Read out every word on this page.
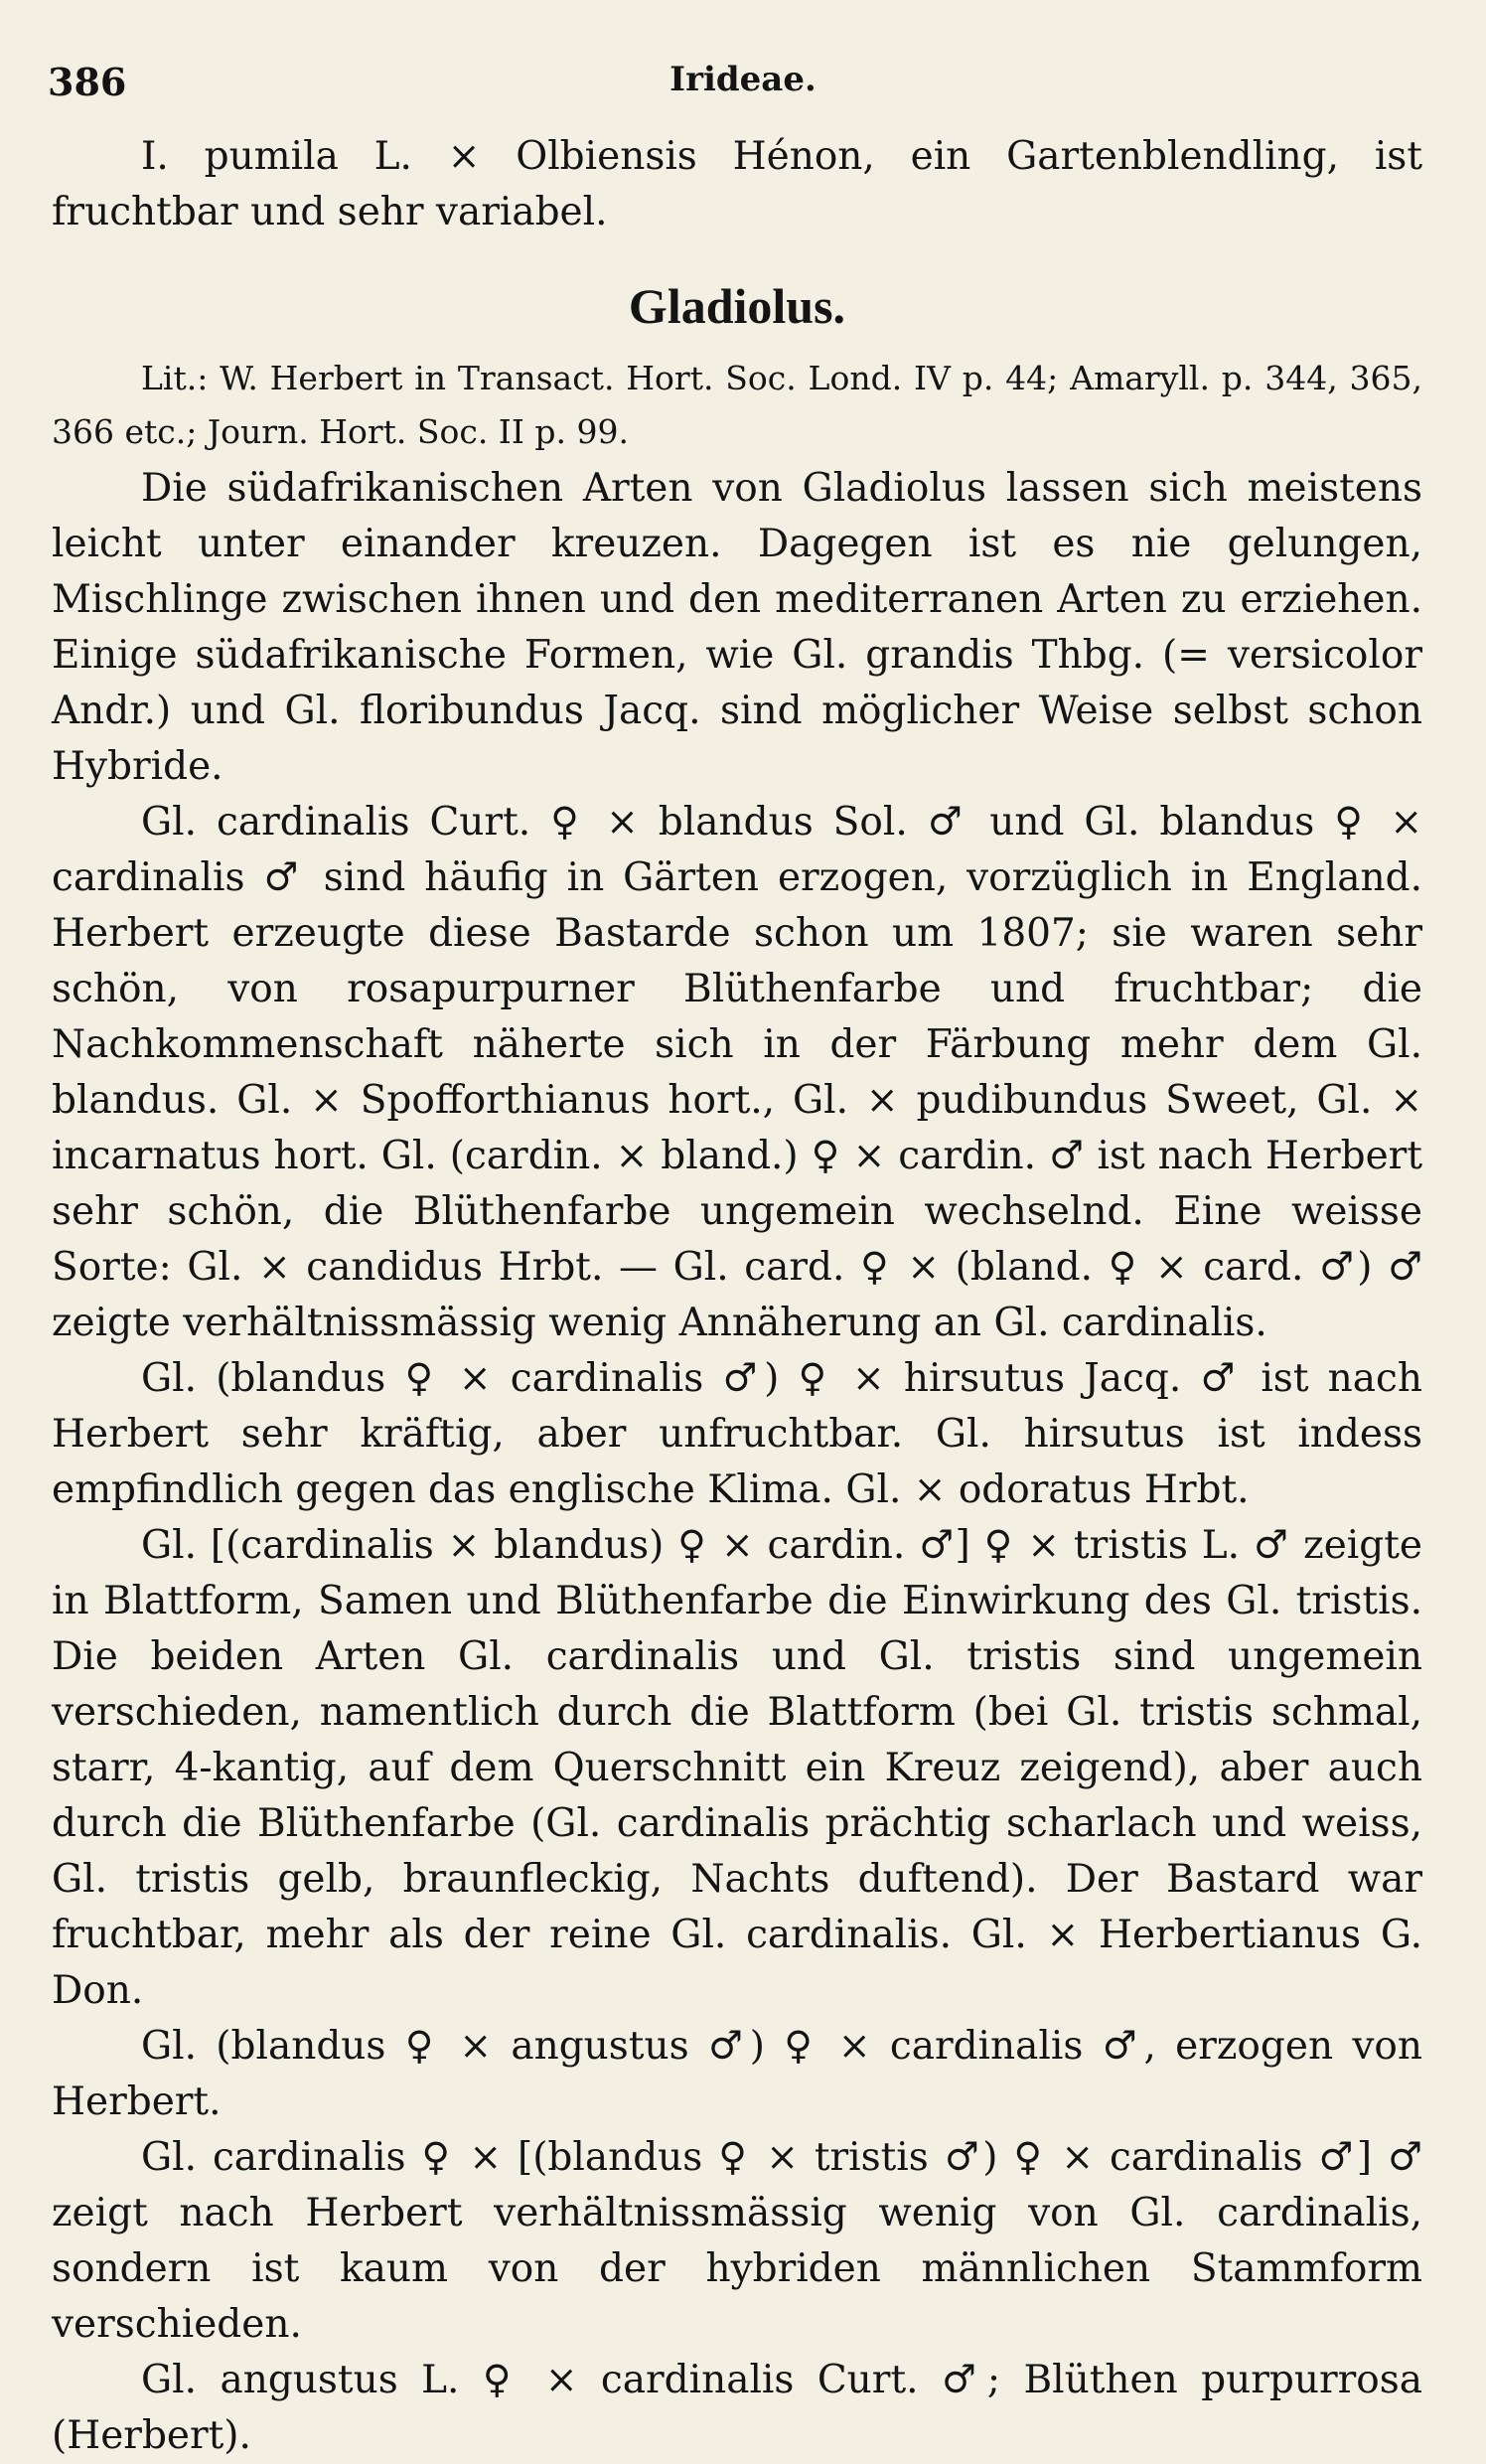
386	Irideae.

I. pumila L. × Olbiensis Hénon, ein Gartenblendling, ist fruchtbar und sehr variabel.

Gladiolus.

Lit.: W. Herbert in Transact. Hort. Soc. Lond. IV p. 44; Amaryll. p. 344, 365, 366 etc.; Journ. Hort. Soc. II p. 99.

Die südafrikanischen Arten von Gladiolus lassen sich meistens leicht unter einander kreuzen. Dagegen ist es nie gelungen, Mischlinge zwischen ihnen und den mediterranen Arten zu erziehen. Einige südafrikanische Formen, wie Gl. grandis Thbg. (= versicolor Andr.) und Gl. floribundus Jacq. sind möglicher Weise selbst schon Hybride.

Gl. cardinalis Curt. ♀ × blandus Sol. ♂ und Gl. blandus ♀ × cardinalis ♂ sind häufig in Gärten erzogen, vorzüglich in England. Herbert erzeugte diese Bastarde schon um 1807; sie waren sehr schön, von rosapurpurner Blüthenfarbe und fruchtbar; die Nachkommenschaft näherte sich in der Färbung mehr dem Gl. blandus. Gl. × Spofforthianus hort., Gl. × pudibundus Sweet, Gl. × incarnatus hort. Gl. (cardin. × bland.) ♀ × cardin. ♂ ist nach Herbert sehr schön, die Blüthenfarbe ungemein wechselnd. Eine weisse Sorte: Gl. × candidus Hrbt. — Gl. card. ♀ × (bland. ♀ × card. ♂) ♂ zeigte verhältnissmässig wenig Annäherung an Gl. cardinalis.

Gl. (blandus ♀ × cardinalis ♂) ♀ × hirsutus Jacq. ♂ ist nach Herbert sehr kräftig, aber unfruchtbar. Gl. hirsutus ist indess empfindlich gegen das englische Klima. Gl. × odoratus Hrbt.

Gl. [(cardinalis × blandus) ♀ × cardin. ♂] ♀ × tristis L. ♂ zeigte in Blattform, Samen und Blüthenfarbe die Einwirkung des Gl. tristis. Die beiden Arten Gl. cardinalis und Gl. tristis sind ungemein verschieden, namentlich durch die Blattform (bei Gl. tristis schmal, starr, 4-kantig, auf dem Querschnitt ein Kreuz zeigend), aber auch durch die Blüthenfarbe (Gl. cardinalis prächtig scharlach und weiss, Gl. tristis gelb, braunfleckig, Nachts duftend). Der Bastard war fruchtbar, mehr als der reine Gl. cardinalis. Gl. × Herbertianus G. Don.

Gl. (blandus ♀ × angustus ♂) ♀ × cardinalis ♂, erzogen von Herbert.

Gl. cardinalis ♀ × [(blandus ♀ × tristis ♂) ♀ × cardinalis ♂] ♂ zeigt nach Herbert verhältnissmässig wenig von Gl. cardinalis, sondern ist kaum von der hybriden männlichen Stammform verschieden.

Gl. angustus L. ♀ × cardinalis Curt. ♂; Blüthen purpurrosa (Herbert).
